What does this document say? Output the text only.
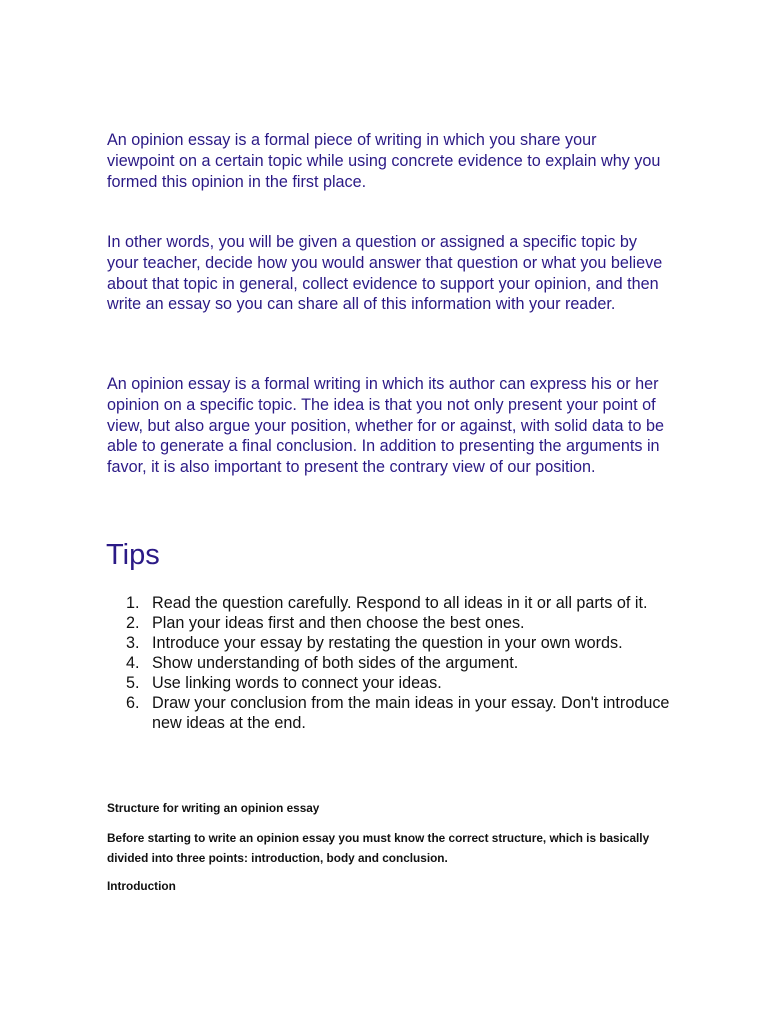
An opinion essay is a formal piece of writing in which you share your viewpoint on a certain topic while using concrete evidence to explain why you formed this opinion in the first place.

In other words, you will be given a question or assigned a specific topic by your teacher, decide how you would answer that question or what you believe about that topic in general, collect evidence to support your opinion, and then write an essay so you can share all of this information with your reader.

An opinion essay is a formal writing in which its author can express his or her opinion on a specific topic. The idea is that you not only present your point of view, but also argue your position, whether for or against, with solid data to be able to generate a final conclusion. In addition to presenting the arguments in favor, it is also important to present the contrary view of our position.

Tips
1. Read the question carefully. Respond to all ideas in it or all parts of it.
2. Plan your ideas first and then choose the best ones.
3. Introduce your essay by restating the question in your own words.
4. Show understanding of both sides of the argument.
5. Use linking words to connect your ideas.
6. Draw your conclusion from the main ideas in your essay. Don't introduce new ideas at the end.

Structure for writing an opinion essay

Before starting to write an opinion essay you must know the correct structure, which is basically divided into three points: introduction, body and conclusion.

Introduction
